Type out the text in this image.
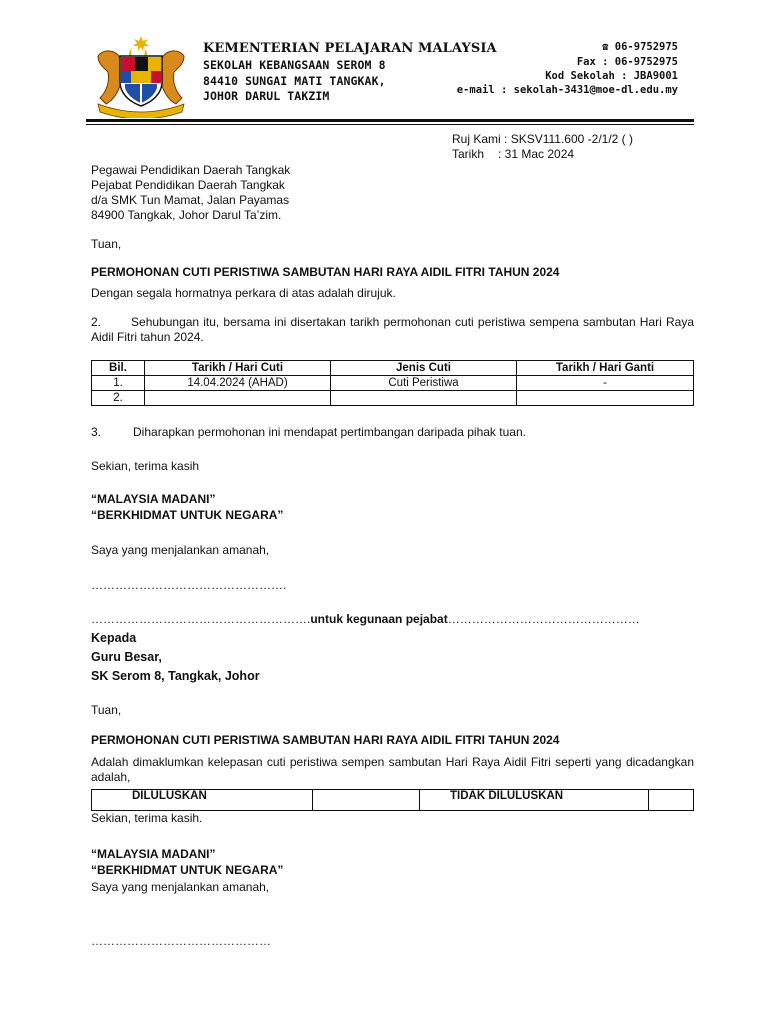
KEMENTERIAN PELAJARAN MALAYSIA
SEKOLAH KEBANGSAAN SEROM 8
84410 SUNGAI MATI TANGKAK,
JOHOR DARUL TAKZIM
☎ 06-9752975
Fax : 06-9752975
Kod Sekolah : JBA9001
e-mail : sekolah-3431@moe-dl.edu.my
Ruj Kami : SKSV111.600 -2/1/2 ( )
Tarikh : 31 Mac 2024
Pegawai Pendidikan Daerah Tangkak
Pejabat Pendidikan Daerah Tangkak
d/a SMK Tun Mamat, Jalan Payamas
84900 Tangkak, Johor Darul Ta’zim.
Tuan,
PERMOHONAN CUTI PERISTIWA SAMBUTAN HARI RAYA AIDIL FITRI TAHUN 2024
Dengan segala hormatnya perkara di atas adalah dirujuk.
2.	Sehubungan itu, bersama ini disertakan tarikh permohonan cuti peristiwa sempena sambutan Hari Raya Aidil Fitri tahun 2024.
Bil.	Tarikh / Hari Cuti	Jenis Cuti	Tarikh / Hari Ganti
1.	14.04.2024 (AHAD)	Cuti Peristiwa	-
2.			
3.	Diharapkan permohonan ini mendapat pertimbangan daripada pihak tuan.
Sekian, terima kasih
“MALAYSIA MADANI”
“BERKHIDMAT UNTUK NEGARA”
Saya yang menjalankan amanah,
………………………………………….
……………………………………………….untuk kegunaan pejabat…………………………………………
Kepada
Guru Besar,
SK Serom 8, Tangkak, Johor
Tuan,
PERMOHONAN CUTI PERISTIWA SAMBUTAN HARI RAYA AIDIL FITRI TAHUN 2024
Adalah dimaklumkan kelepasan cuti peristiwa sempen sambutan Hari Raya Aidil Fitri seperti yang dicadangkan adalah,
DILULUSKAN		TIDAK DILULUSKAN	
Sekian, terima kasih.
“MALAYSIA MADANI”
“BERKHIDMAT UNTUK NEGARA”
Saya yang menjalankan amanah,
………………………………………
